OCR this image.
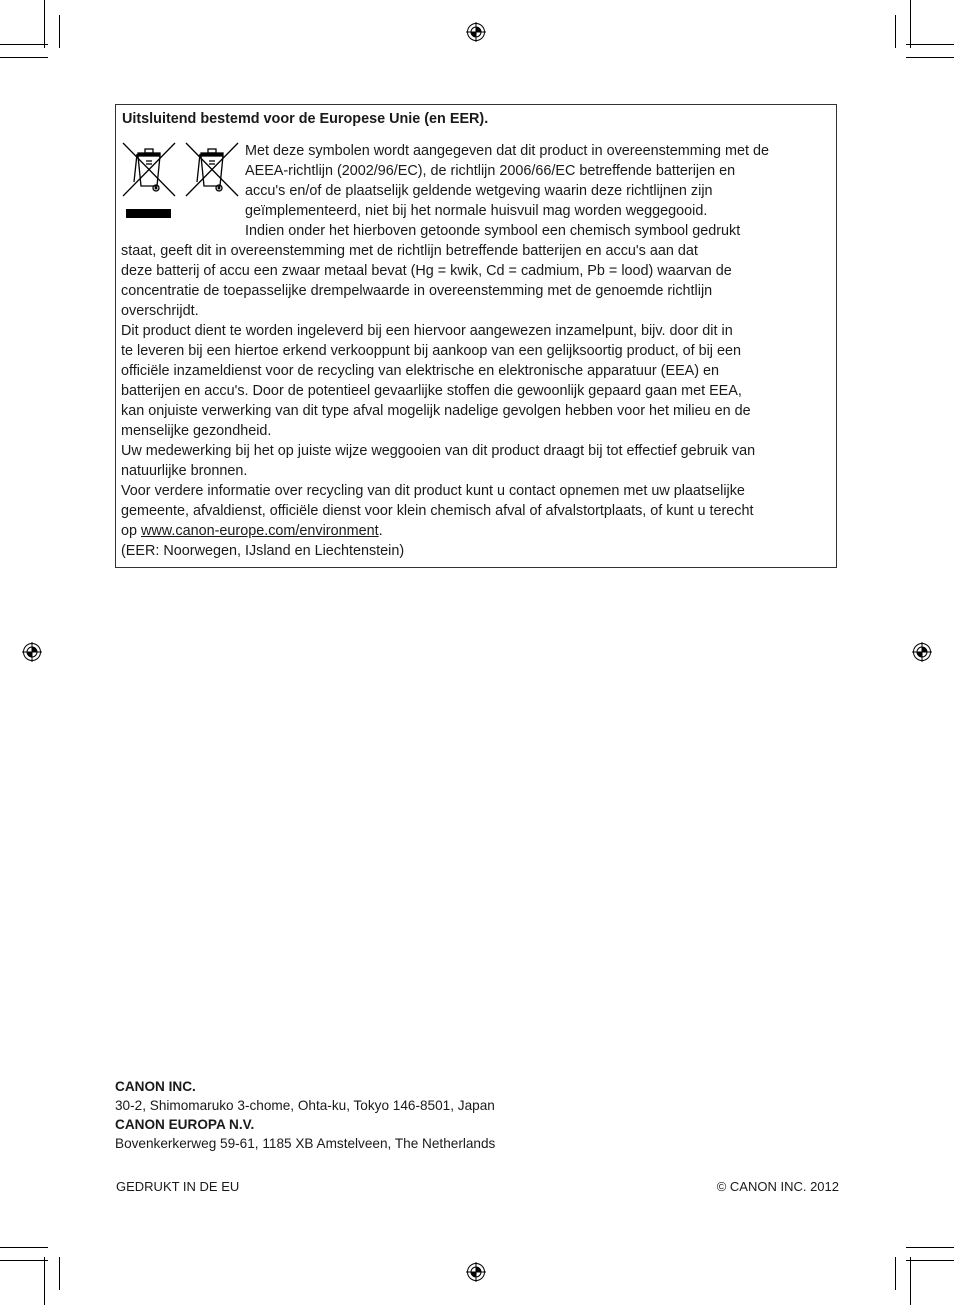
Uitsluitend bestemd voor de Europese Unie (en EER).
Met deze symbolen wordt aangegeven dat dit product in overeenstemming met de
AEEA-richtlijn (2002/96/EC), de richtlijn 2006/66/EC betreffende batterijen en
accu's en/of de plaatselijk geldende wetgeving waarin deze richtlijnen zijn
geïmplementeerd, niet bij het normale huisvuil mag worden weggegooid.
Indien onder het hierboven getoonde symbool een chemisch symbool gedrukt
staat, geeft dit in overeenstemming met de richtlijn betreffende batterijen en accu's aan dat
deze batterij of accu een zwaar metaal bevat (Hg = kwik, Cd = cadmium, Pb = lood) waarvan de
concentratie de toepasselijke drempelwaarde in overeenstemming met de genoemde richtlijn
overschrijdt.
Dit product dient te worden ingeleverd bij een hiervoor aangewezen inzamelpunt, bijv. door dit in
te leveren bij een hiertoe erkend verkooppunt bij aankoop van een gelijksoortig product, of bij een
officiële inzameldienst voor de recycling van elektrische en elektronische apparatuur (EEA) en
batterijen en accu's. Door de potentieel gevaarlijke stoffen die gewoonlijk gepaard gaan met EEA,
kan onjuiste verwerking van dit type afval mogelijk nadelige gevolgen hebben voor het milieu en de
menselijke gezondheid.
Uw medewerking bij het op juiste wijze weggooien van dit product draagt bij tot effectief gebruik van
natuurlijke bronnen.
Voor verdere informatie over recycling van dit product kunt u contact opnemen met uw plaatselijke
gemeente, afvaldienst, officiële dienst voor klein chemisch afval of afvalstortplaats, of kunt u terecht
op www.canon-europe.com/environment.
(EER: Noorwegen, IJsland en Liechtenstein)
CANON INC.
30-2, Shimomaruko 3-chome, Ohta-ku, Tokyo 146-8501, Japan
CANON EUROPA N.V.
Bovenkerkerweg 59-61, 1185 XB Amstelveen, The Netherlands
GEDRUKT IN DE EU	© CANON INC. 2012
